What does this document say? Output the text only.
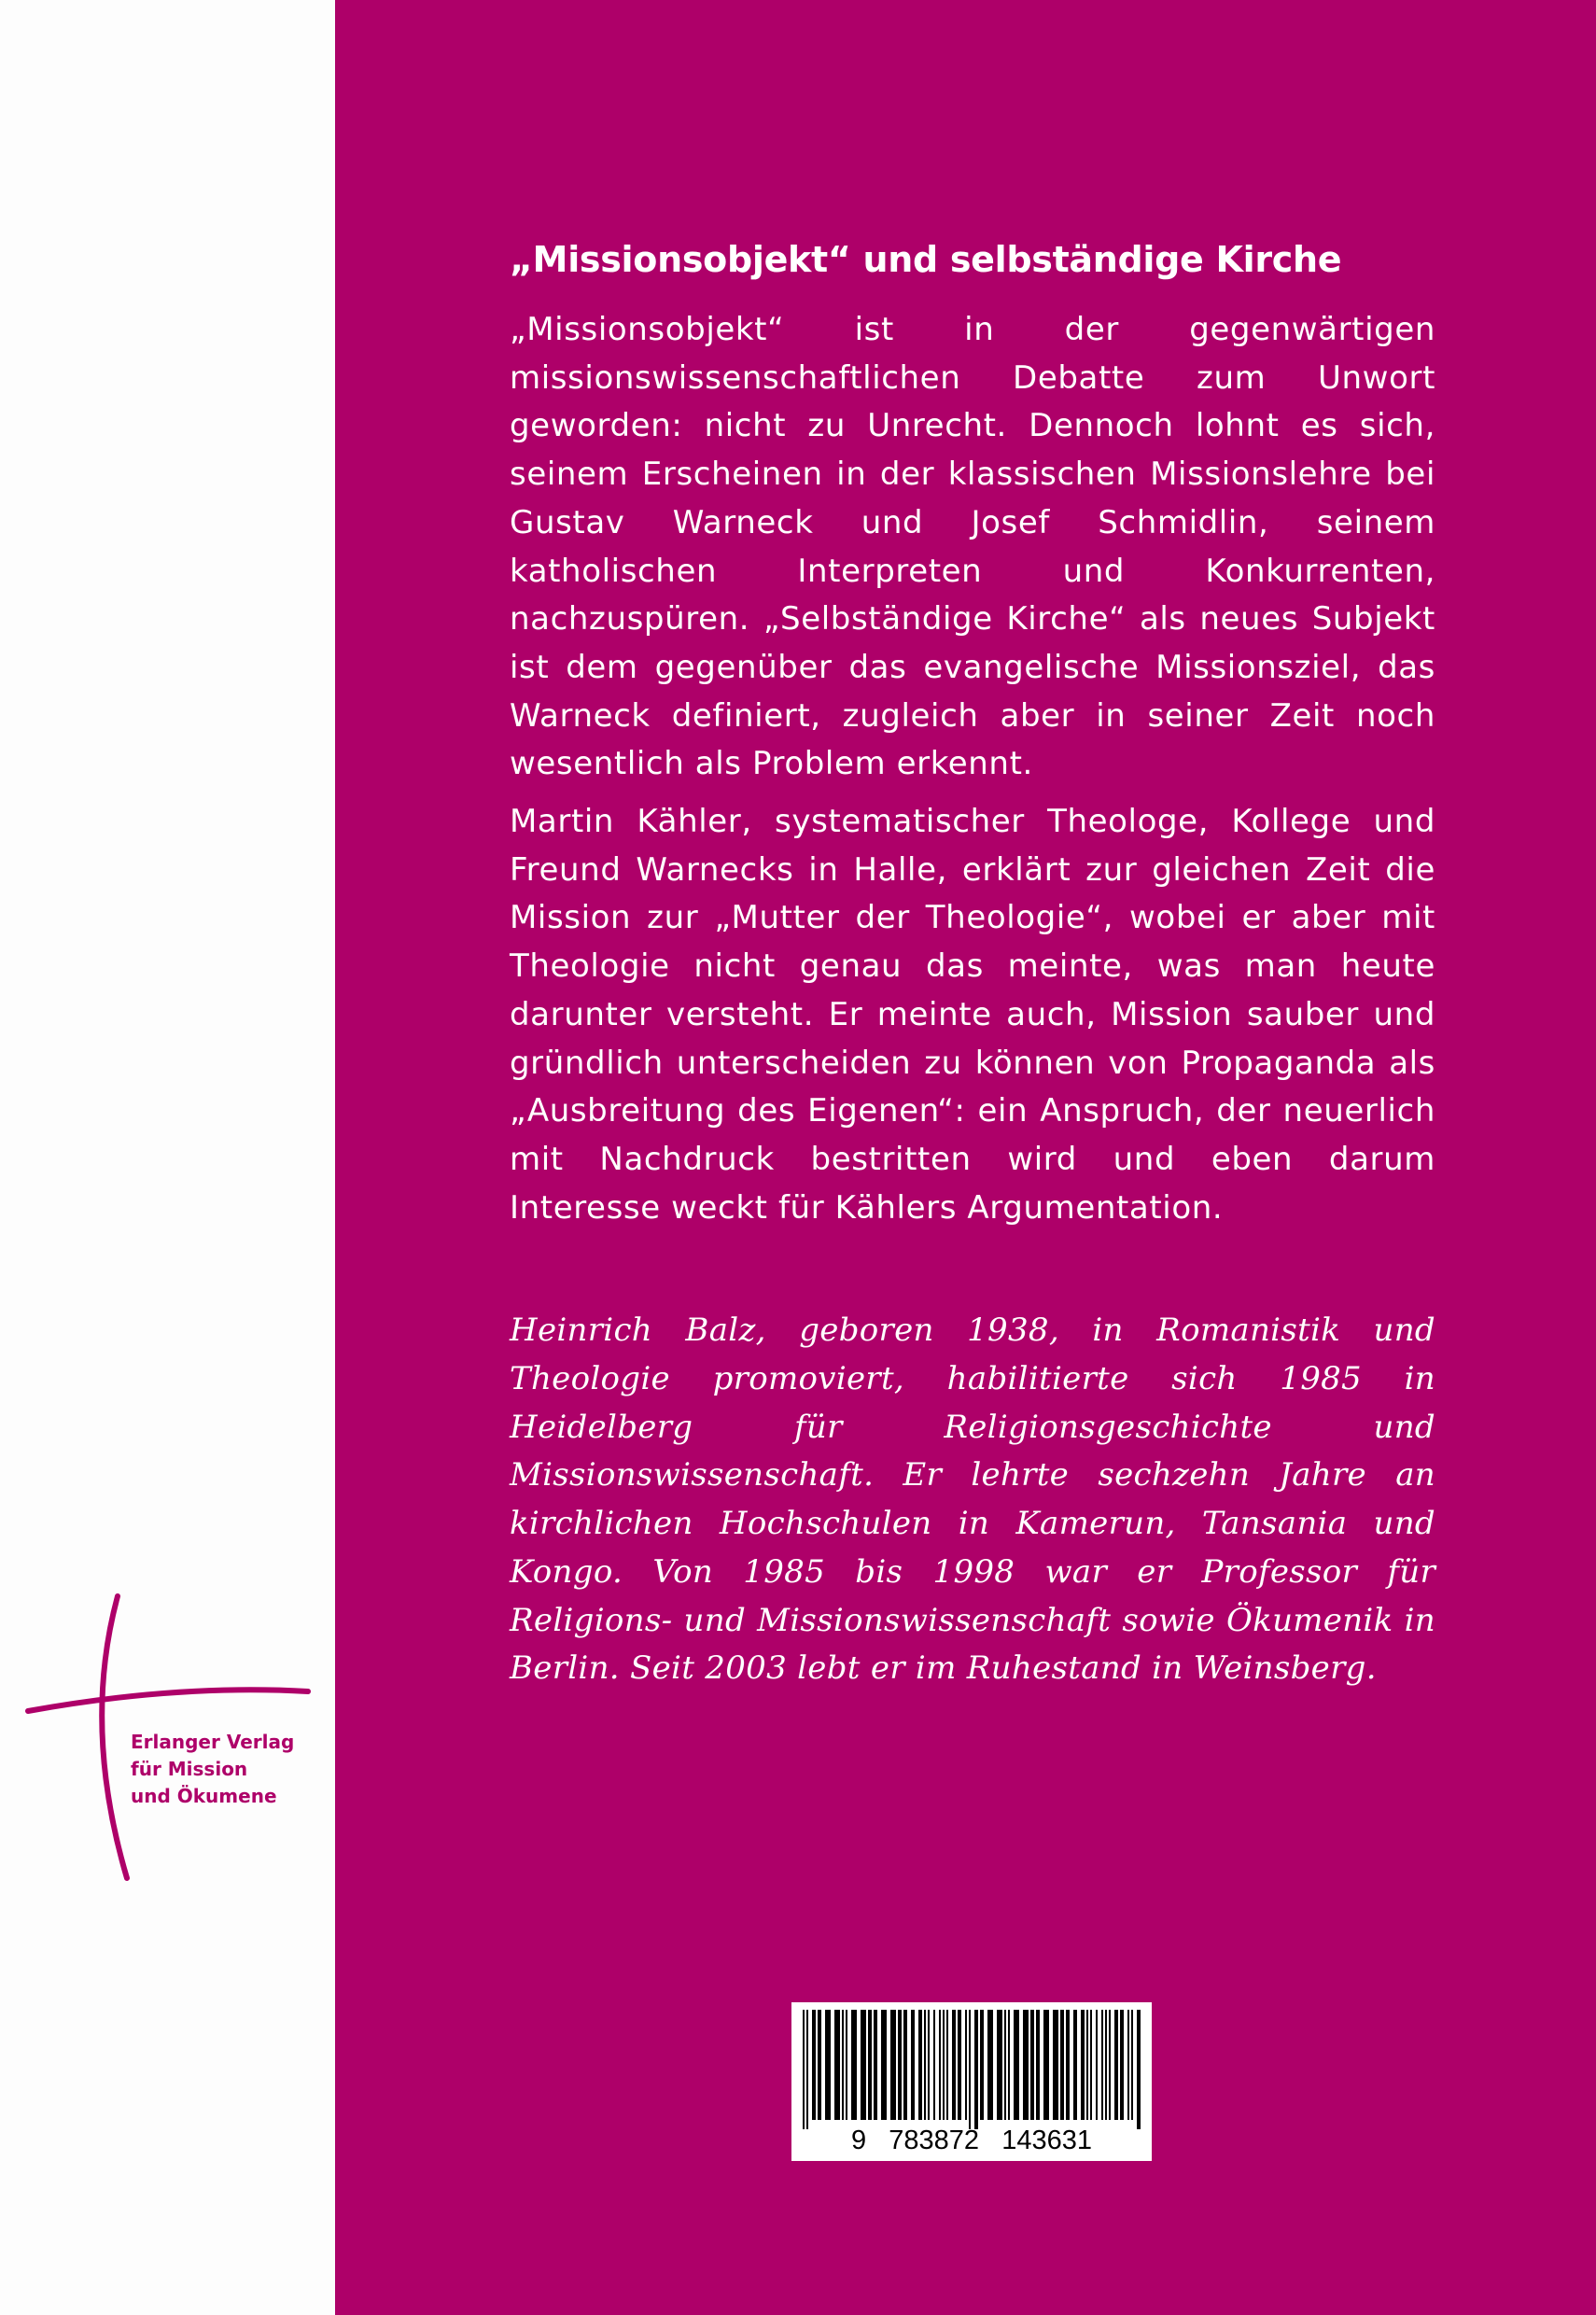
„Missionsobjekt“ und selbständige Kirche

„Missionsobjekt“ ist in der gegenwärtigen missionswissenschaftlichen Debatte zum Unwort geworden: nicht zu Unrecht. Dennoch lohnt es sich, seinem Erscheinen in der klassischen Missionslehre bei Gustav Warneck und Josef Schmidlin, seinem katholischen Interpreten und Konkurrenten, nachzuspüren. „Selbständige Kirche“ als neues Subjekt ist dem gegenüber das evangelische Missionsziel, das Warneck definiert, zugleich aber in seiner Zeit noch wesentlich als Problem erkennt.

Martin Kähler, systematischer Theologe, Kollege und Freund Warnecks in Halle, erklärt zur gleichen Zeit die Mission zur „Mutter der Theologie“, wobei er aber mit Theologie nicht genau das meinte, was man heute darunter versteht. Er meinte auch, Mission sauber und gründlich unterscheiden zu können von Propaganda als „Ausbreitung des Eigenen“: ein Anspruch, der neuerlich mit Nachdruck bestritten wird und eben darum Interesse weckt für Kählers Argumentation.

Heinrich Balz, geboren 1938, in Romanistik und Theologie promoviert, habilitierte sich 1985 in Heidelberg für Religionsgeschichte und Missionswissenschaft. Er lehrte sechzehn Jahre an kirchlichen Hochschulen in Kamerun, Tansania und Kongo. Von 1985 bis 1998 war er Professor für Religions- und Missionswissenschaft sowie Ökumenik in Berlin. Seit 2003 lebt er im Ruhestand in Weinsberg.

Erlanger Verlag
für Mission
und Ökumene
9   783872   143631
